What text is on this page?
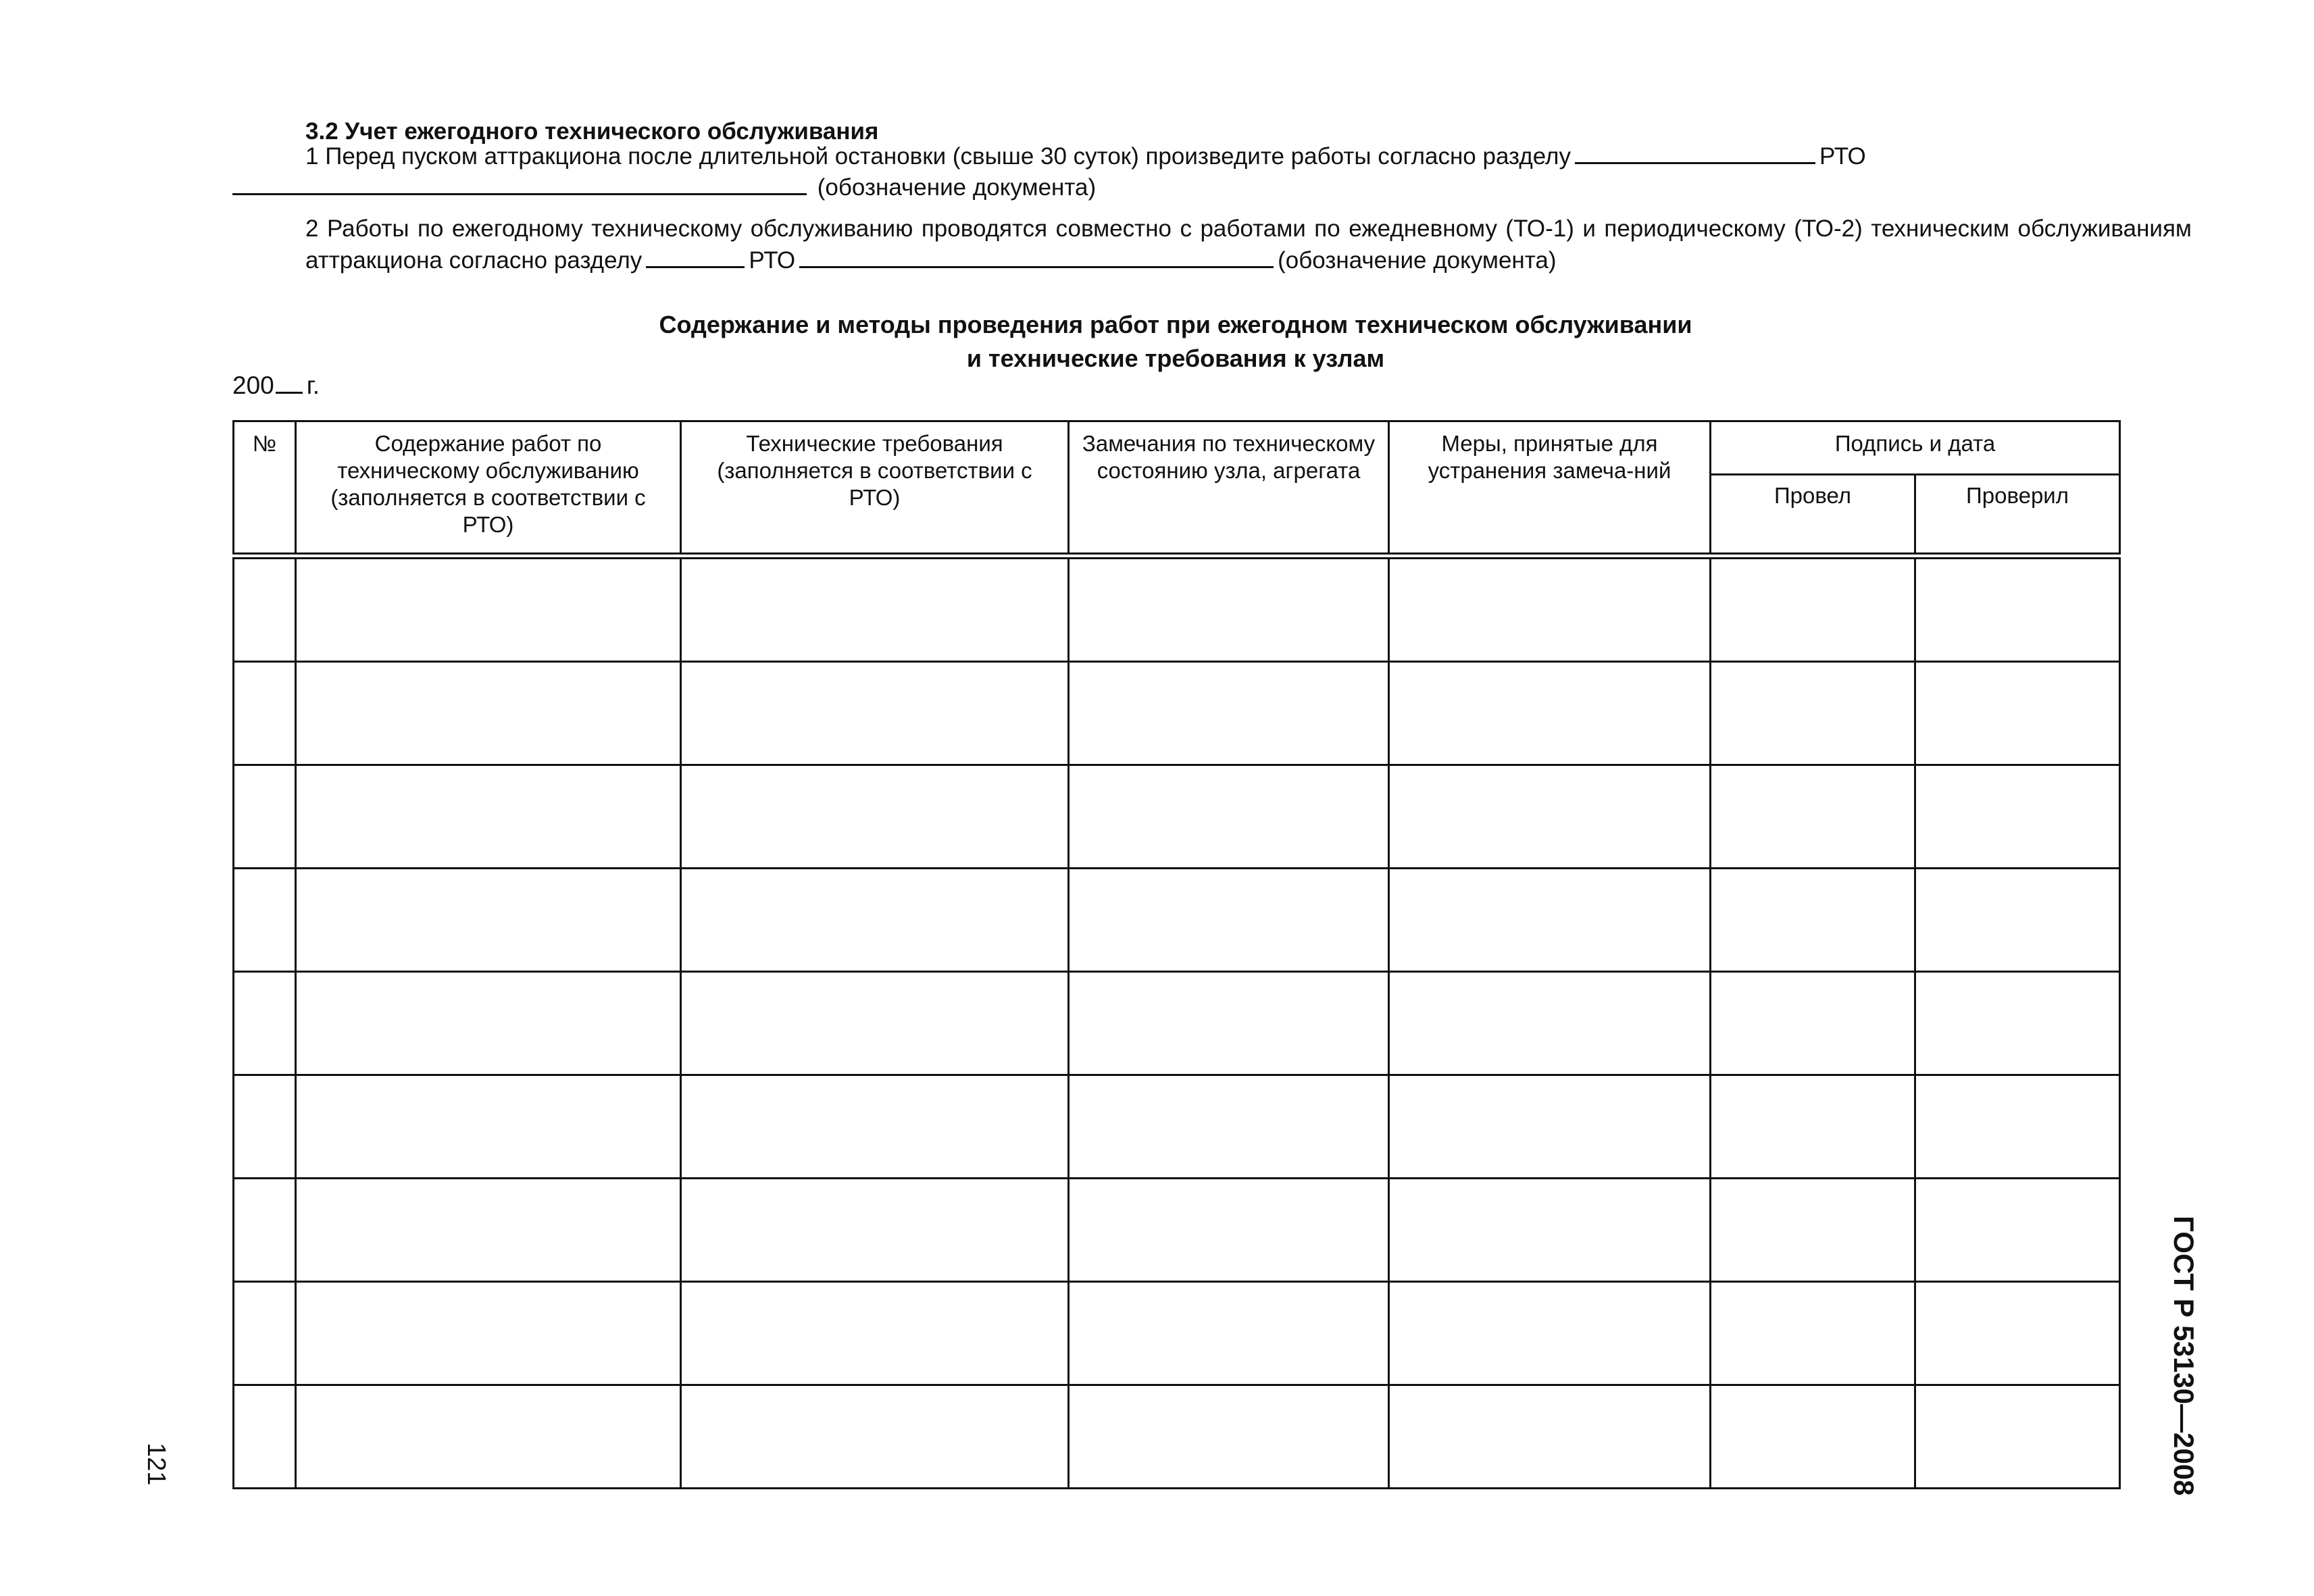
3.2 Учет ежегодного технического обслуживания
1 Перед пуском аттракциона после длительной остановки (свыше 30 суток) произведите работы согласно разделу	РТО
(обозначение документа)
2 Работы по ежегодному техническому обслуживанию проводятся совместно с работами по ежедневному (ТО-1) и периодическому (ТО-2) техническим обслуживаниям аттракциона согласно разделу	РТО	(обозначение документа)
Содержание и методы проведения работ при ежегодном техническом обслуживании
и технические требования к узлам
200 г.
№	Содержание работ по техническому обслуживанию (заполняется в соответствии с РТО)	Технические требования (заполняется в соответствии с РТО)	Замечания по техническому состоянию узла, агрегата	Меры, принятые для устранения замеча-ний	Подпись и дата	
					Провел	Проверил

121	ГОСТ Р 53130—2008
